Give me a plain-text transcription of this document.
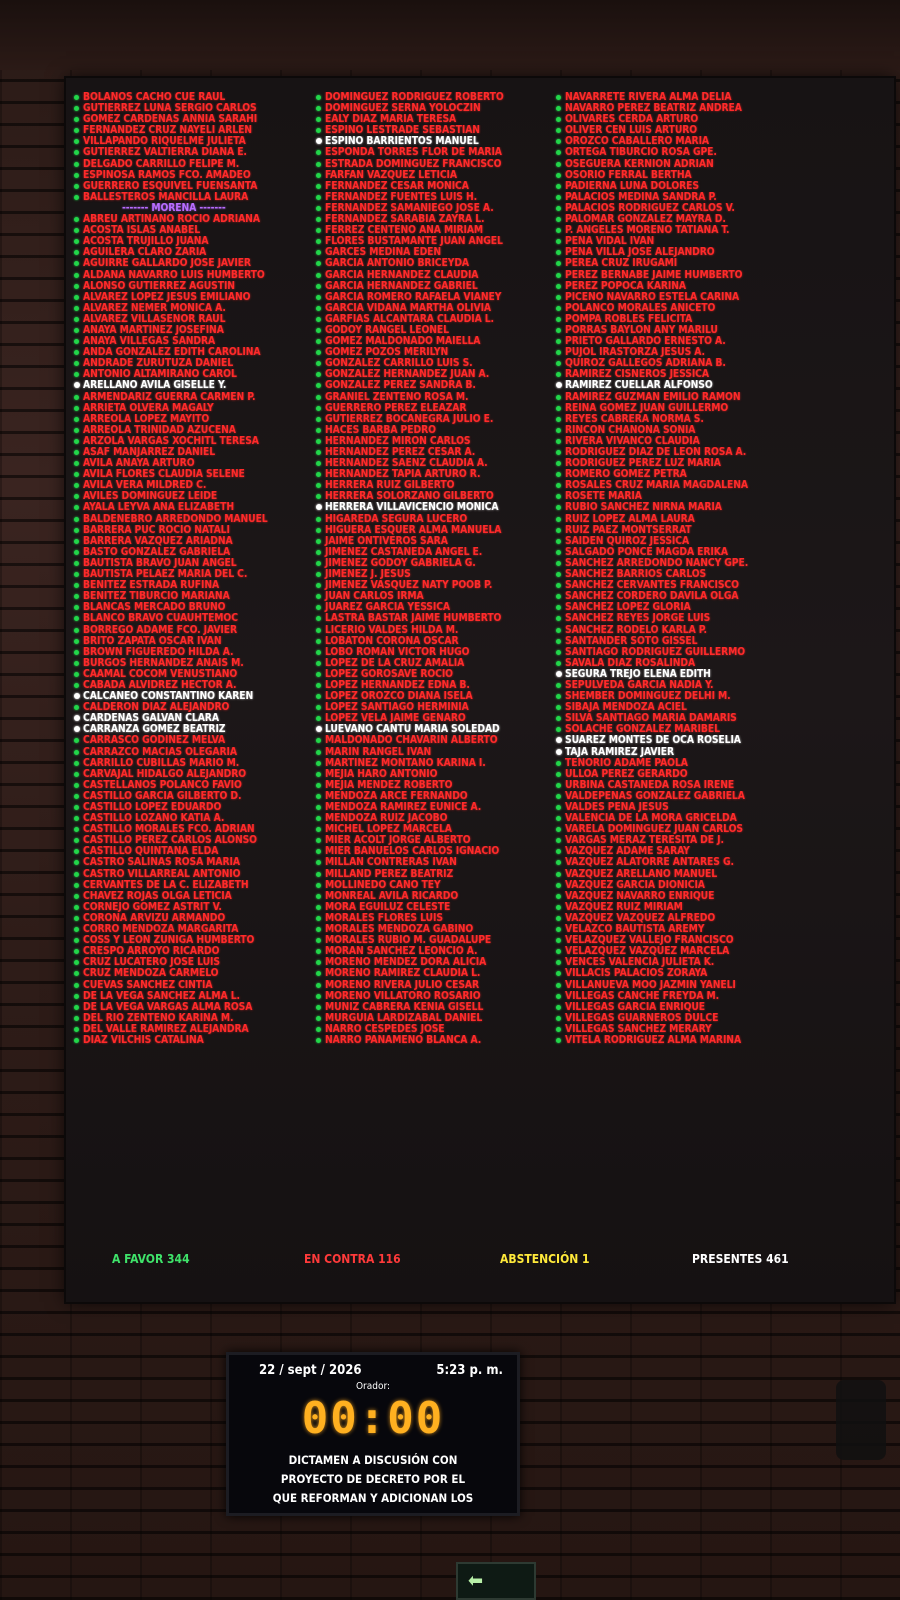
BOLAÑOS CACHO CUÉ RAÚL
GUTIÉRREZ LUNA SERGIO CARLOS
GÓMEZ CÁRDENAS ANNIA SARAHÍ
FERNÁNDEZ CRUZ NAYELI ARLEN
VILLAPANDO RIQUELME JULIETA
GUTIÉRREZ VALTIERRA DIANA E.
DELGADO CARRILLO FELIPE M.
ESPINOSA RAMOS FCO. AMADEO
GUERRERO ESQUIVEL FUENSANTA
BALLESTEROS MANCILLA LAURA
------- MORENA -------
ABREU ARTIÑANO ROCÍO ADRIANA
ACOSTA ISLAS ANABEL
ACOSTA TRUJILLO JUANA
AGUILERA CLARO ZARIA
AGUIRRE GALLARDO JOSÉ JAVIER
ALDANA NAVARRO LUIS HUMBERTO
ALONSO GUTIÉRREZ AGUSTÍN
ÁLVAREZ LÓPEZ JESÚS EMILIANO
ÁLVAREZ NEMER MÓNICA A.
ÁLVAREZ VILLASEÑOR RAÚL
ANAYA MARTÍNEZ JOSEFINA
ANAYA VILLEGAS SANDRA
ANDA GONZÁLEZ EDITH CAROLINA
ANDRADE ZURUTUZA DANIEL
ANTONIO ALTAMIRANO CAROL
ARELLANO ÁVILA GISELLE Y.
ARMENDÁRIZ GUERRA CARMEN P.
ARRIETA OLVERA MAGALY
ARREOLA LÓPEZ MAYITO
ARREOLA TRINIDAD AZUCENA
ARZOLA VARGAS XÓCHITL TERESA
ASAF MANJARREZ DANIEL
ÁVILA ANAYA ARTURO
ÁVILA FLORES CLAUDIA SELENE
ÁVILA VERA MILDRED C.
AVILÉS DOMÍNGUEZ LEIDE
AYALA LEYVA ANA ELIZABETH
BALDENEBRO ARREDONDO MANUEL
BARRERA PUC ROCÍO NATALÍ
BARRERA VÁZQUEZ ARIADNA
BASTO GONZÁLEZ GABRIELA
BAUTISTA BRAVO JUAN ÁNGEL
BAUTISTA PELÁEZ MARÍA DEL C.
BENÍTEZ ESTRADA RUFINA
BENÍTEZ TIBURCIO MARIANA
BLANCAS MERCADO BRUNO
BLANCO BRAVO CUAUHTÉMOC
BORREGO ADAME FCO. JAVIER
BRITO ZAPATA ÓSCAR IVÁN
BROWN FIGUEREDO HILDA A.
BURGOS HERNÁNDEZ ANAÍS M.
CAAMAL COCOM VENUSTIANO
CABADA ALVÍDREZ HÉCTOR A.
CALCANEO CONSTANTINO KAREN
CALDERÓN DÍAZ ALEJANDRO
CÁRDENAS GALVÁN CLARA
CARRANZA GÓMEZ BEATRIZ
CARRASCO GODÍNEZ MELVA
CARRAZCO MACÍAS OLEGARIA
CARRILLO CUBILLAS MARIO M.
CARVAJAL HIDALGO ALEJANDRO
CASTELLANOS POLANCO FAVIO
CASTILLO GARCÍA GILBERTO D.
CASTILLO LÓPEZ EDUARDO
CASTILLO LOZANO KATIA A.
CASTILLO MORALES FCO. ADRIÁN
CASTILLO PÉREZ CARLOS ALONSO
CASTILLO QUINTANA ELDA
CASTRO SALINAS ROSA MARÍA
CASTRO VILLARREAL ANTONIO
CERVANTES DE LA C. ELIZABETH
CHÁVEZ ROJAS OLGA LETICIA
CORNEJO GÓMEZ ASTRIT V.
CORONA ARVIZU ARMANDO
CORRO MENDOZA MARGARITA
COSS Y LEÓN ZÚÑIGA HUMBERTO
CRESPO ARROYO RICARDO
CRUZ LUCATERO JOSÉ LUIS
CRUZ MENDOZA CARMELO
CUEVAS SÁNCHEZ CINTIA
DE LA VEGA SÁNCHEZ ALMA L.
DE LA VEGA VARGAS ALMA ROSA
DEL RÍO ZENTENO KARINA M.
DEL VALLE RAMÍREZ ALEJANDRA
DÍAZ VILCHIS CATALINA
DOMÍNGUEZ RODRÍGUEZ ROBERTO
DOMÍNGUEZ SERNA YOLOCZIN
EALY DÍAZ MARÍA TERESA
ESPINO LESTRADE SEBASTIÁN
ESPINO BARRIENTOS MANUEL
ESPONDA TORRES FLOR DE MARÍA
ESTRADA DOMÍNGUEZ FRANCISCO
FARFÁN VÁZQUEZ LETICIA
FERNÁNDEZ CÉSAR MÓNICA
FERNÁNDEZ FUENTES LUIS H.
FERNÁNDEZ SAMANIEGO JOSÉ A.
FERNÁNDEZ SARABIA ZAYRA L.
FERREZ CENTENO ANA MIRIAM
FLORES BUSTAMANTE JUAN ÁNGEL
GARCÉS MEDINA EDÉN
GARCÍA ANTONIO BRICEYDA
GARCÍA HERNÁNDEZ CLAUDIA
GARCÍA HERNÁNDEZ GABRIEL
GARCÍA ROMERO RAFAELA VIANEY
GARCÍA VIDANA MARTHA OLIVIA
GARFIAS ALCÁNTARA CLAUDIA L.
GODOY RANGEL LEONEL
GÓMEZ MALDONADO MAIELLA
GÓMEZ POZOS MERILYN
GONZÁLEZ CARRILLO LUIS S.
GONZÁLEZ HERNÁNDEZ JUAN A.
GONZÁLEZ PÉREZ SANDRA B.
GRANIEL ZENTENO ROSA M.
GUERRERO PÉREZ ELEAZAR
GUTIÉRREZ BOCANEGRA JULIO E.
HACES BARBA PEDRO
HERNÁNDEZ MIRÓN CARLOS
HERNÁNDEZ PÉREZ CÉSAR A.
HERNÁNDEZ SÁENZ CLAUDIA A.
HERNÁNDEZ TAPIA ARTURO R.
HERRERA RUIZ GILBERTO
HERRERA SOLÓRZANO GILBERTO
HERRERA VILLAVICENCIO MÓNICA
HIGAREDA SEGURA LUCERO
HIGUERA ESQUER ALMA MANUELA
JAIME ONTIVEROS SARA
JIMÉNEZ CASTAÑEDA ÁNGEL E.
JIMÉNEZ GODOY GABRIELA G.
JIMÉNEZ J. JESÚS
JIMÉNEZ VÁSQUEZ NATY POOB P.
JUAN CARLOS IRMA
JUÁREZ GARCÍA YESSICA
LASTRA BASTAR JAIME HUMBERTO
LICERIO VALDÉS HILDA M.
LOBATÓN CORONA ÓSCAR
LOBO ROMÁN VÍCTOR HUGO
LÓPEZ DE LA CRUZ AMALIA
LÓPEZ GOROSAVE ROCÍO
LÓPEZ HERNÁNDEZ EDNA B.
LÓPEZ OROZCO DIANA ISELA
LÓPEZ SANTIAGO HERMINIA
LÓPEZ VELA JAIME GENARO
LUÉVANO CANTÚ MARÍA SOLEDAD
MALDONADO CHAVARÍN ALBERTO
MARÍN RANGEL IVÁN
MARTÍNEZ MONTAÑO KARINA I.
MEJÍA HARO ANTONIO
MEJÍA MÉNDEZ ROBERTO
MENDOZA ARCE FERNANDO
MENDOZA RAMÍREZ EUNICE A.
MENDOZA RUIZ JACOBO
MICHEL LÓPEZ MARCELA
MIER ACOLT JORGE ALBERTO
MIER BAÑUELOS CARLOS IGNACIO
MILLÁN CONTRERAS IVÁN
MILLAND PÉREZ BEATRIZ
MOLLINEDO CANO TEY
MONREAL ÁVILA RICARDO
MORA EGUILUZ CELESTE
MORALES FLORES LUIS
MORALES MENDOZA GABINO
MORALES RUBIO M. GUADALUPE
MORÁN SÁNCHEZ LEONCIO A.
MORENO MÉNDEZ DORA ALICIA
MORENO RAMÍREZ CLAUDIA L.
MORENO RIVERA JULIO CÉSAR
MORENO VILLATORO ROSARIO
MUÑIZ CABRERA KENIA GISELL
MURGUÍA LARDIZÁBAL DANIEL
NARRO CÉSPEDES JOSÉ
NARRO PANAMEÑO BLANCA A.
NAVARRETE RIVERA ALMA DELIA
NAVARRO PÉREZ BEATRIZ ANDREA
OLIVARES CERDA ARTURO
OLIVER CEN LUIS ARTURO
OROZCO CABALLERO MARÍA
ORTEGA TIBURCIO ROSA GPE.
OSEGUERA KERNION ADRIÁN
OSORIO FERRAL BERTHA
PADIERNA LUNA DOLORES
PALACIOS MEDINA SANDRA P.
PALACIOS RODRÍGUEZ CARLOS V.
PALOMAR GONZÁLEZ MAYRA D.
P. ÁNGELES MORENO TATIANA T.
PEÑA VIDAL IVÁN
PEÑA VILLA JOSÉ ALEJANDRO
PEREA CRUZ IRUGAMI
PÉREZ BERNABÉ JAIME HUMBERTO
PÉREZ POPOCA KARINA
PICEÑO NAVARRO ESTELA CARINA
POLANCO MORALES ANICETO
POMPA ROBLES FELICITA
PORRAS BAYLÓN ANY MARILÚ
PRIETO GALLARDO ERNESTO A.
PUJOL IRASTORZA JESÚS A.
QUIROZ GALLEGOS ADRIANA B.
RAMÍREZ CISNEROS JESSICA
RAMÍREZ CUÉLLAR ALFONSO
RAMÍREZ GUZMÁN EMILIO RAMÓN
REINA GÓMEZ JUAN GUILLERMO
REYES CABRERA NORMA S.
RINCÓN CHANONA SONIA
RIVERA VIVANCO CLAUDIA
RODRÍGUEZ DÍAZ DE LEÓN ROSA A.
RODRÍGUEZ PÉREZ LUZ MARÍA
ROMERO GÓMEZ PETRA
ROSALES CRUZ MARÍA MAGDALENA
ROSETE MARÍA
RUBIO SÁNCHEZ NIRNA MARÍA
RUIZ LÓPEZ ALMA LAURA
RUIZ PÁEZ MONTSERRAT
SAIDEN QUIROZ JESSICA
SALGADO PONCE MAGDA ERIKA
SÁNCHEZ ARREDONDO NANCY GPE.
SÁNCHEZ BARRIOS CARLOS
SÁNCHEZ CERVANTES FRANCISCO
SÁNCHEZ CORDERO DÁVILA OLGA
SÁNCHEZ LÓPEZ GLORIA
SÁNCHEZ REYES JORGE LUIS
SÁNCHEZ RODELO KARLA P.
SANTANDER SOTO GISSEL
SANTIAGO RODRÍGUEZ GUILLERMO
SAVALA DÍAZ ROSALINDA
SEGURA TREJO ELENA EDITH
SEPÚLVEDA GARCÍA NADIA Y.
SHEMBER DOMÍNGUEZ DELHI M.
SIBAJA MENDOZA ACIEL
SILVA SANTIAGO MARÍA DAMARIS
SOLACHE GONZÁLEZ MARIBEL
SUÁREZ MONTES DE OCA ROSELIA
TAJA RAMÍREZ JAVIER
TENORIO ADAME PAOLA
ULLOA PÉREZ GERARDO
URBINA CASTAÑEDA ROSA IRENE
VALDEPEÑAS GONZÁLEZ GABRIELA
VALDÉS PEÑA JESÚS
VALENCIA DE LA MORA GRICELDA
VARELA DOMÍNGUEZ JUAN CARLOS
VARGAS MERAZ TERESITA DE J.
VÁZQUEZ ADAME SARAY
VÁZQUEZ ALATORRE ANTARES G.
VÁZQUEZ ARELLANO MANUEL
VÁZQUEZ GARCÍA DIONICIA
VÁZQUEZ NAVARRO ENRIQUE
VÁZQUEZ RUIZ MIRIAM
VÁZQUEZ VÁZQUEZ ALFREDO
VELAZCO BAUTISTA AREMY
VELÁZQUEZ VALLEJO FRANCISCO
VELÁZQUEZ VÁZQUEZ MARCELA
VENCES VALENCIA JULIETA K.
VILLACIS PALACIOS ZORAYA
VILLANUEVA MOO JAZMÍN YANELI
VILLEGAS CANCHE FREYDA M.
VILLEGAS GARCÍA ENRIQUE
VILLEGAS GUARNEROS DULCE
VILLEGAS SÁNCHEZ MERARY
VITELA RODRÍGUEZ ALMA MARINA
A FAVOR 344	EN CONTRA 116	ABSTENCIÓN 1	PRESENTES 461
22 / sept / 2026	5:23 p. m.
Orador:
00:00
DICTAMEN A DISCUSIÓN CON
PROYECTO DE DECRETO POR EL
QUE REFORMAN Y ADICIONAN LOS
⬅
